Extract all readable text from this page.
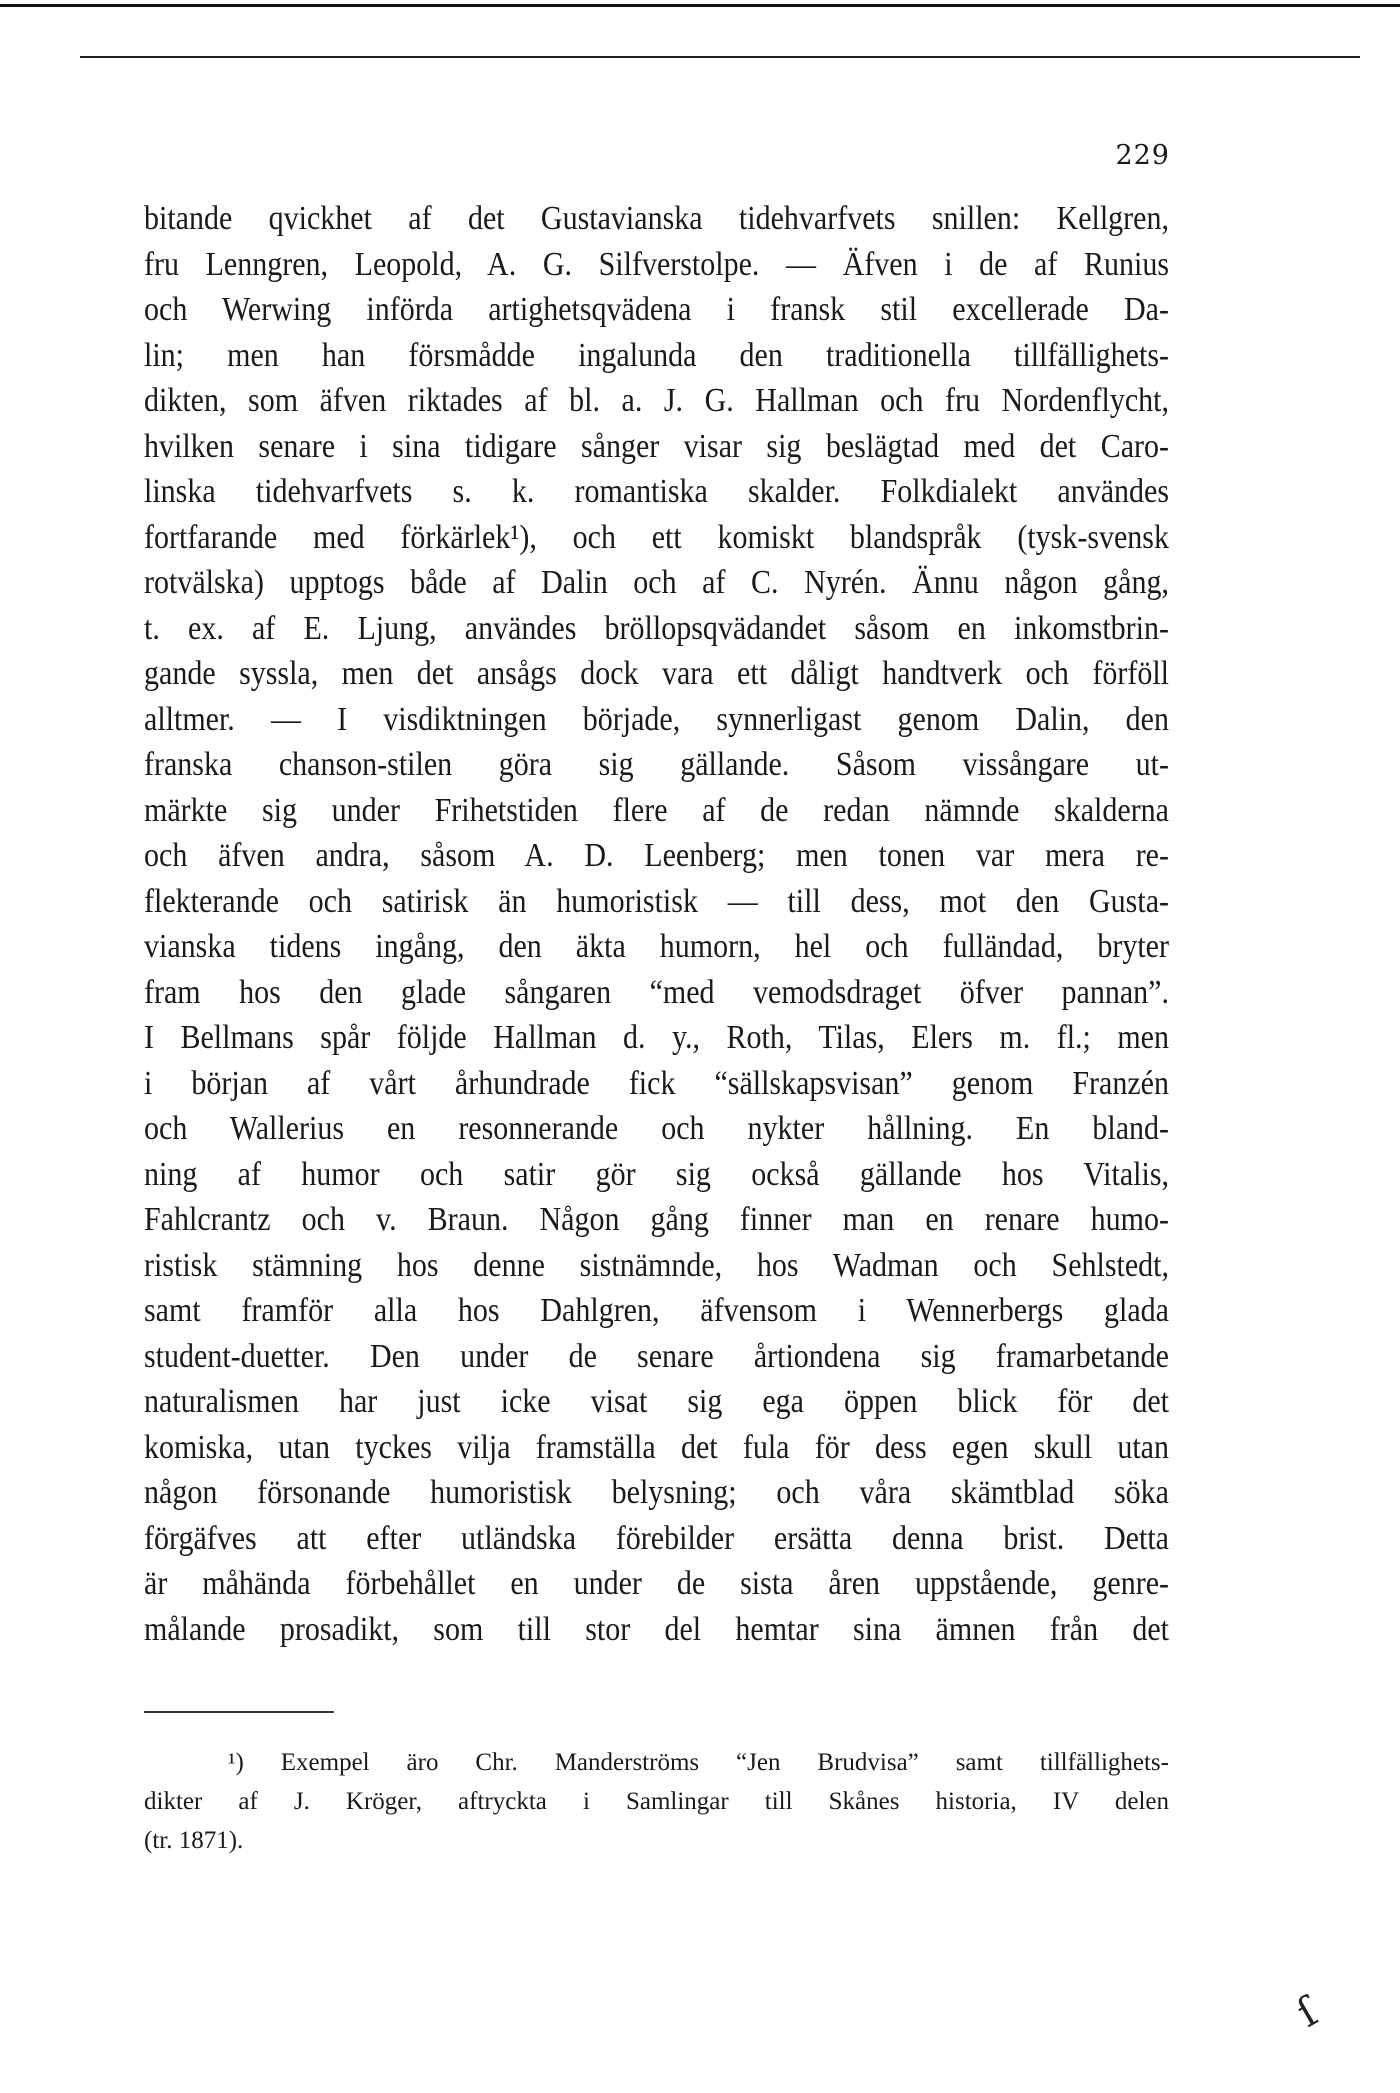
229
bitande qvickhet af det Gustavianska tidehvarfvets snillen: Kellgren,
fru Lenngren, Leopold, A. G. Silfverstolpe. — Äfven i de af Runius
och Werwing införda artighetsqvädena i fransk stil excellerade Da-
lin; men han försmådde ingalunda den traditionella tillfällighets-
dikten, som äfven riktades af bl. a. J. G. Hallman och fru Nordenflycht,
hvilken senare i sina tidigare sånger visar sig beslägtad med det Caro-
linska tidehvarfvets s. k. romantiska skalder. Folkdialekt användes
fortfarande med förkärlek¹), och ett komiskt blandspråk (tysk-svensk
rotvälska) upptogs både af Dalin och af C. Nyrén. Ännu någon gång,
t. ex. af E. Ljung, användes bröllopsqvädandet såsom en inkomstbrin-
gande syssla, men det ansågs dock vara ett dåligt handtverk och förföll
alltmer. — I visdiktningen började, synnerligast genom Dalin, den
franska chanson-stilen göra sig gällande. Såsom vissångare ut-
märkte sig under Frihetstiden flere af de redan nämnde skalderna
och äfven andra, såsom A. D. Leenberg; men tonen var mera re-
flekterande och satirisk än humoristisk — till dess, mot den Gusta-
vianska tidens ingång, den äkta humorn, hel och fulländad, bryter
fram hos den glade sångaren “med vemodsdraget öfver pannan”.
I Bellmans spår följde Hallman d. y., Roth, Tilas, Elers m. fl.; men
i början af vårt århundrade fick “sällskapsvisan” genom Franzén
och Wallerius en resonnerande och nykter hållning. En bland-
ning af humor och satir gör sig också gällande hos Vitalis,
Fahlcrantz och v. Braun. Någon gång finner man en renare humo-
ristisk stämning hos denne sistnämnde, hos Wadman och Sehlstedt,
samt framför alla hos Dahlgren, äfvensom i Wennerbergs glada
student-duetter. Den under de senare årtiondena sig framarbetande
naturalismen har just icke visat sig ega öppen blick för det
komiska, utan tyckes vilja framställa det fula för dess egen skull utan
någon försonande humoristisk belysning; och våra skämtblad söka
förgäfves att efter utländska förebilder ersätta denna brist. Detta
är måhända förbehållet en under de sista åren uppstående, genre-
målande prosadikt, som till stor del hemtar sina ämnen från det
¹) Exempel äro Chr. Manderströms “Jen Brudvisa” samt tillfällighets-
dikter af J. Kröger, aftryckta i Samlingar till Skånes historia, IV delen
(tr. 1871).
ſ
